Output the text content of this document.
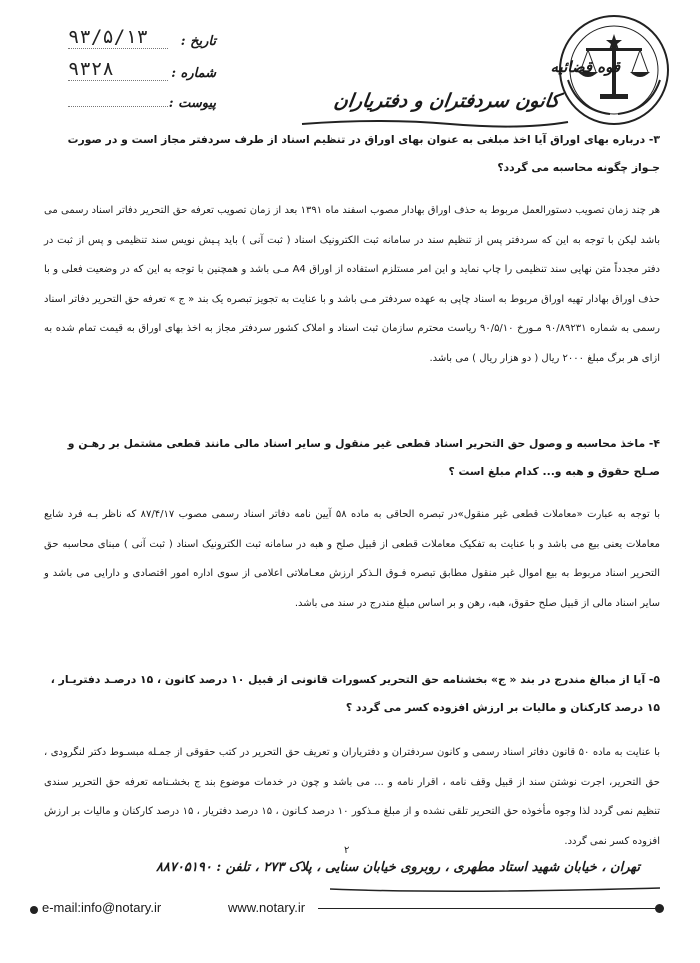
قوه قضائیه
کانون سردفتران و دفتریاران
تاریخ :
۹۳/۵/۱۳
شماره :
۹۳۲۸
پیوست :
۳- درباره بهای اوراق آیا اخذ مبلغی به عنوان بهای اوراق در تنظیم اسناد از طرف سردفتر مجاز است و در صورت جـواز چگونه محاسبه می گردد؟
هر چند زمان تصویب دستورالعمل مربوط به حذف اوراق بهادار مصوب اسفند ماه ۱۳۹۱ بعد از زمان تصویب تعرفه حق التحریر دفاتر اسناد رسمی می باشد لیکن با توجه به این که سردفتر پس از تنظیم سند در سامانه ثبت الکترونیک اسناد ( ثبت آنی ) باید پـیش نویس سند تنظیمی و پس از ثبت در دفتر مجدداً متن نهایی سند تنظیمی را چاپ نماید و این امر مستلزم استفاده از اوراق A4 مـی باشد و همچنین با توجه به این که در وضعیت فعلی و با حذف اوراق بهادار تهیه اوراق مربوط به اسناد چاپی به عهده سردفتر مـی باشد و با عنایت به تجویز تبصره یک بند « ج » تعرفه حق التحریر دفاتر اسناد رسمی به شماره ۹۰/۸۹۲۳۱ مـورخ ۹۰/۵/۱۰ ریاست محترم سازمان ثبت اسناد و املاک کشور سردفتر مجاز به اخذ بهای اوراق به قیمت تمام شده به ازای هر برگ مبلغ ۲۰۰۰ ریال ( دو هزار ریال ) می باشد.
۴- ماخذ محاسبه و وصول حق التحریر اسناد قطعی غیر منقول و سایر اسناد مالی مانند قطعی مشتمل بر رهـن و صـلح حقوق و هبه و... کدام مبلغ است ؟
با توجه به عبارت «معاملات قطعی غیر منقول»در تبصره الحاقی به ماده ۵۸ آیین نامه دفاتر اسناد رسمی مصوب ۸۷/۴/۱۷ که ناظر بـه فرد شایع معاملات یعنی بیع می باشد و با عنایت به تفکیک معاملات قطعی از قبیل صلح و هبه در سامانه ثبت الکترونیک اسناد ( ثبت آنی ) مبنای محاسبه حق التحریر اسناد مربوط به بیع اموال غیر منقول مطابق تبصره فـوق الـذکر ارزش معـاملاتی اعلامی از سوی اداره امور اقتصادی و دارایی می باشد و سایر اسناد مالی از قبیل صلح حقوق، هبه، رهن و بر اساس مبلغ مندرج در سند می باشد.
۵- آیا از مبالغ مندرج در بند « ج» بخشنامه حق التحریر کسورات قانونی از قبیل ۱۰ درصد کانون ، ۱۵ درصـد دفتریـار ، ۱۵ درصد کارکنان و مالیات بر ارزش افزوده کسر می گردد ؟
با عنایت به ماده ۵۰ قانون دفاتر اسناد رسمی و کانون سردفتران و دفتریاران و تعریف حق التحریر در کتب حقوقی از جمـله مبسـوط دکتر لنگرودی ، حق التحریر، اجرت نوشتن سند از قبیل وقف نامه ، اقرار نامه و ... می باشد و چون در خدمات موضوع بند ج بخشـنامه تعرفه حق التحریر سندی تنظیم نمی گردد لذا وجوه مأخوذه حق التحریر تلقی نشده و از مبلغ مـذکور ۱۰ درصد کـانون ، ۱۵ درصد دفتریار ، ۱۵ درصد کارکنان و مالیات بر ارزش افزوده کسر نمی گردد.
تهران ، خیابان شهید استاد مطهری ، روبروی خیابان سنایی ، پلاک ۲۷۳ ، تلفن : ۸۸۷۰۵۱۹۰
۲
e-mail:info@notary.ir	www.notary.ir
